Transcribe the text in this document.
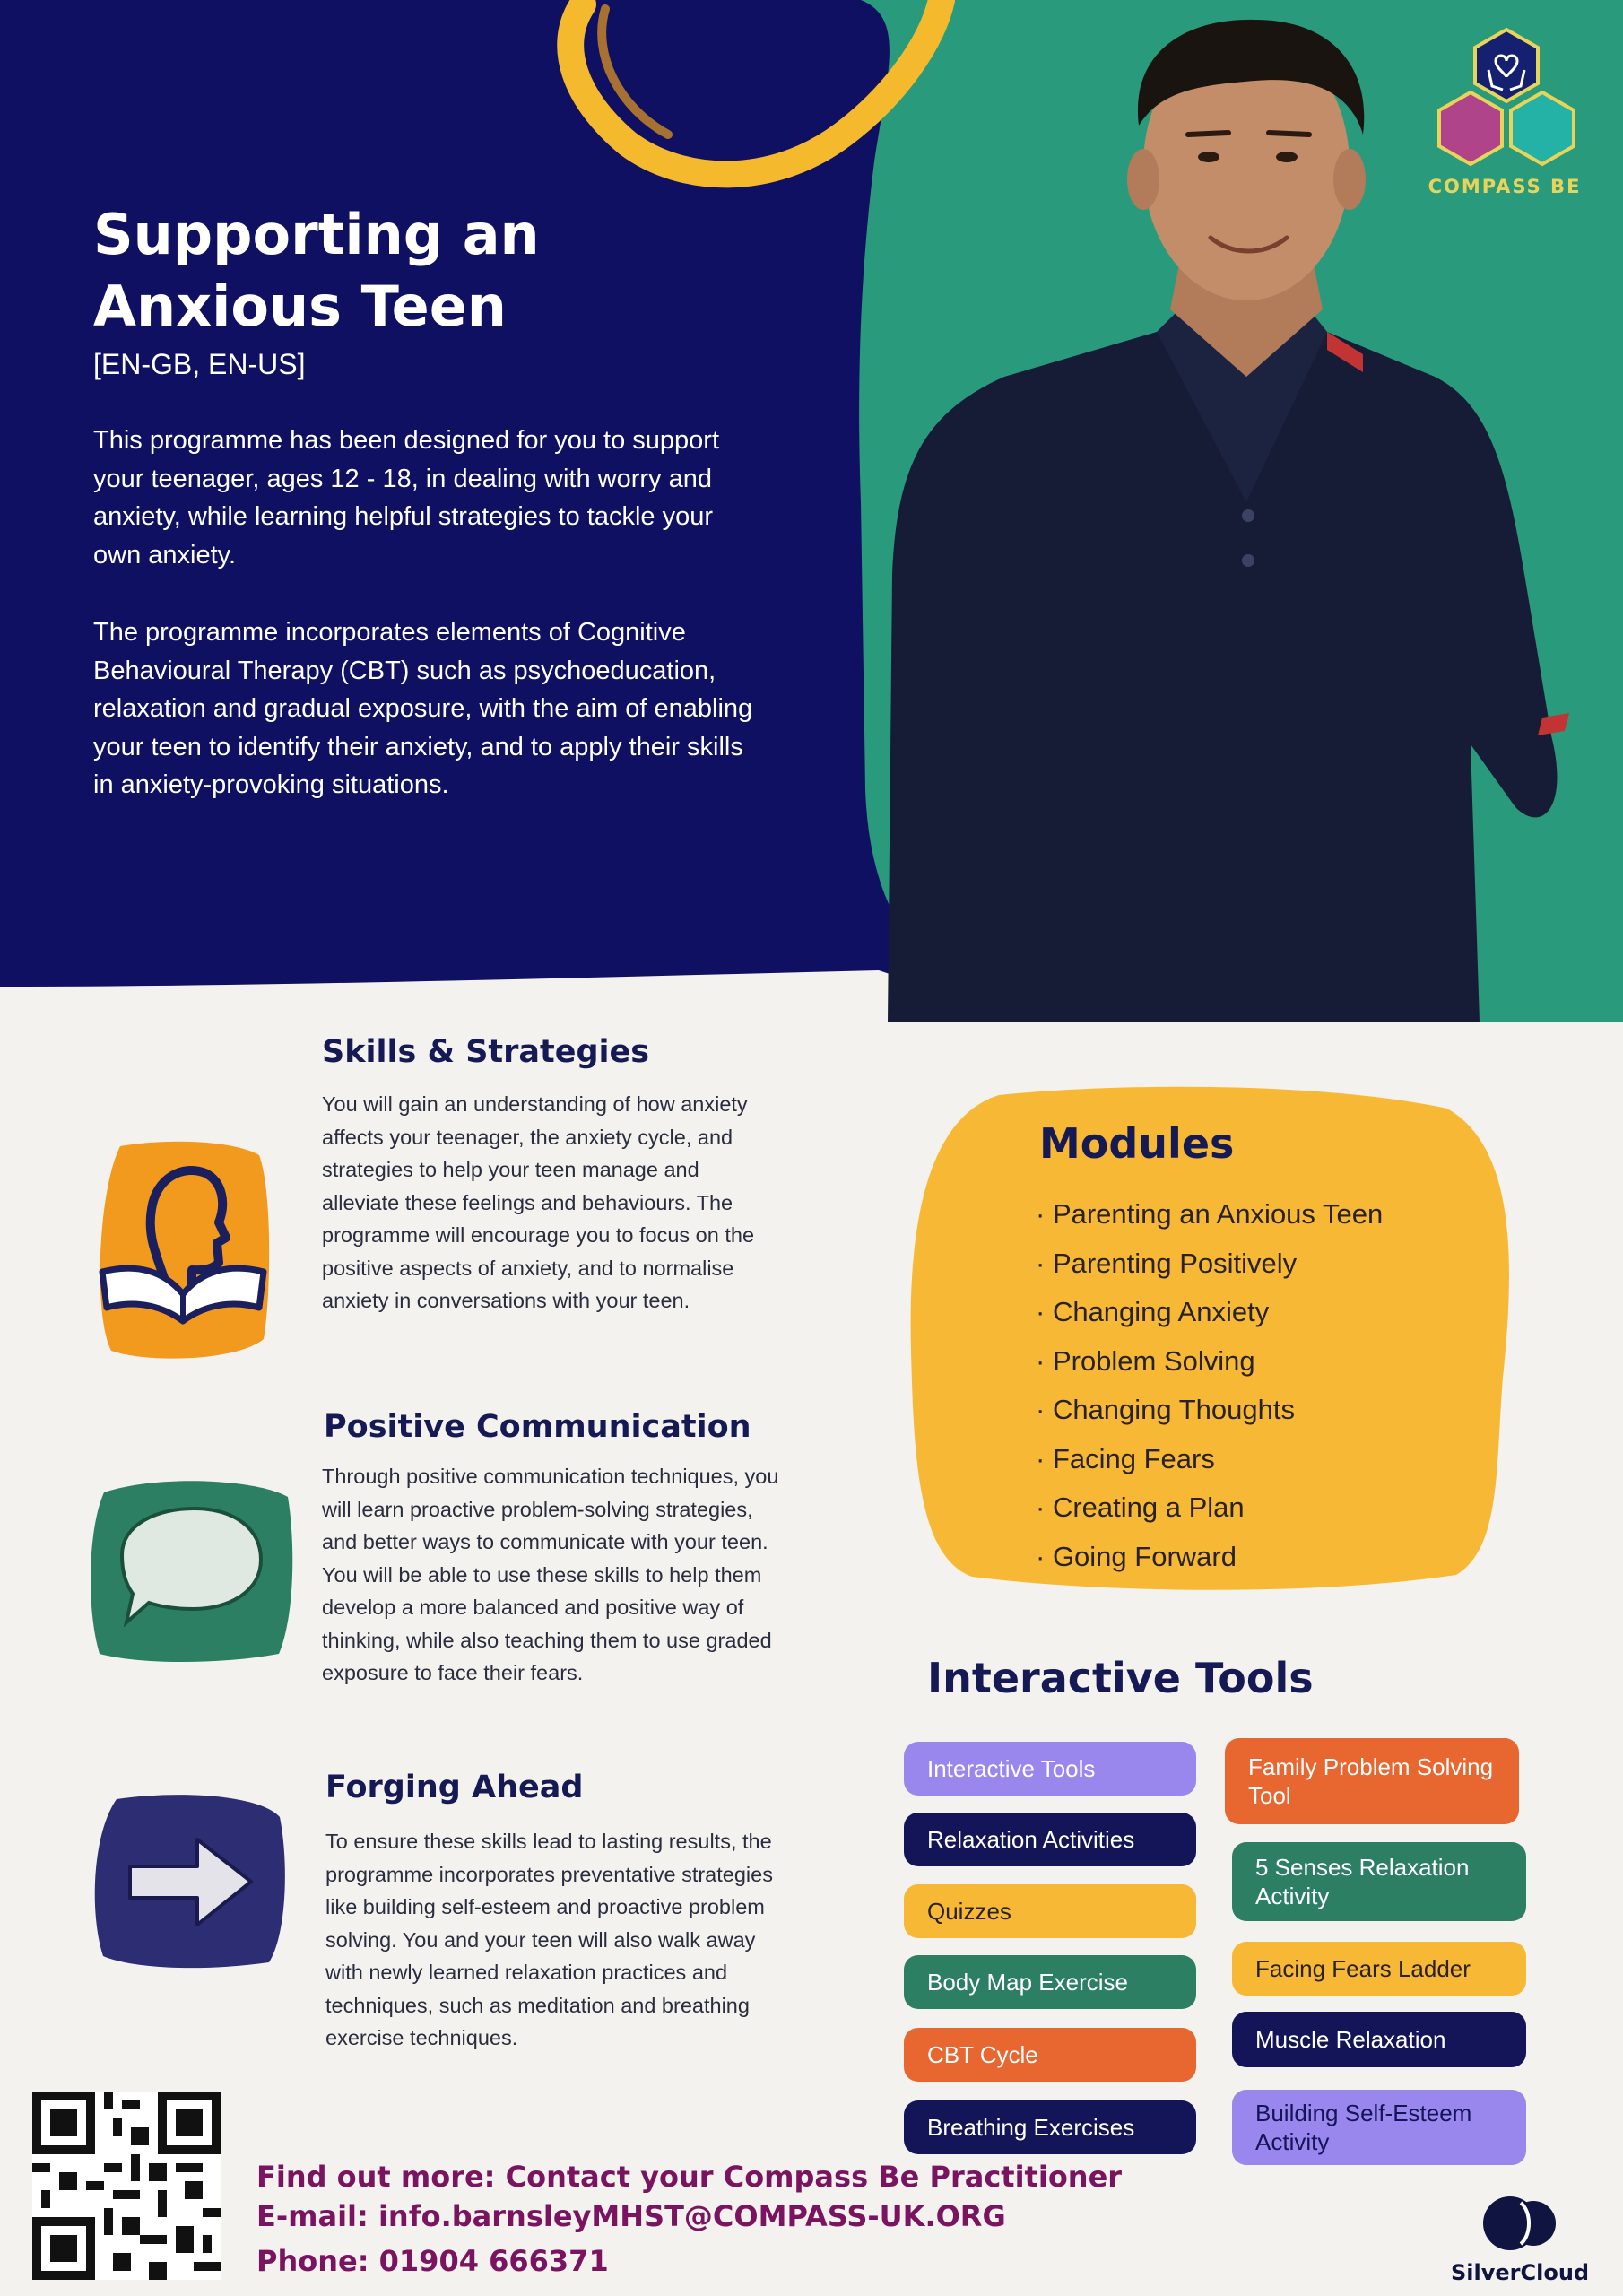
COMPASS BE
Supporting an Anxious Teen
[EN-GB, EN-US]

This programme has been designed for you to support your teenager, ages 12 - 18, in dealing with worry and anxiety, while learning helpful strategies to tackle your own anxiety.

The programme incorporates elements of Cognitive Behavioural Therapy (CBT) such as psychoeducation, relaxation and gradual exposure, with the aim of enabling your teen to identify their anxiety, and to apply their skills in anxiety-provoking situations.

Skills & Strategies

You will gain an understanding of how anxiety affects your teenager, the anxiety cycle, and strategies to help your teen manage and alleviate these feelings and behaviours. The programme will encourage you to focus on the positive aspects of anxiety, and to normalise anxiety in conversations with your teen.

Positive Communication

Through positive communication techniques, you will learn proactive problem-solving strategies, and better ways to communicate with your teen. You will be able to use these skills to help them develop a more balanced and positive way of thinking, while also teaching them to use graded exposure to face their fears.

Forging Ahead

To ensure these skills lead to lasting results, the programme incorporates preventative strategies like building self-esteem and proactive problem solving. You and your teen will also walk away with newly learned relaxation practices and techniques, such as meditation and breathing exercise techniques.

Modules
· Parenting an Anxious Teen
· Parenting Positively
· Changing Anxiety
· Problem Solving
· Changing Thoughts
· Facing Fears
· Creating a Plan
· Going Forward
Interactive Tools
Interactive Tools
Relaxation Activities
Quizzes
Body Map Exercise
CBT Cycle
Breathing Exercises
Family Problem Solving Tool
5 Senses Relaxation Activity
Facing Fears Ladder
Muscle Relaxation
Building Self-Esteem Activity
Find out more: Contact your Compass Be Practitioner
E-mail: info.barnsleyMHST@COMPASS-UK.ORG
Phone: 01904 666371	SilverCloud
